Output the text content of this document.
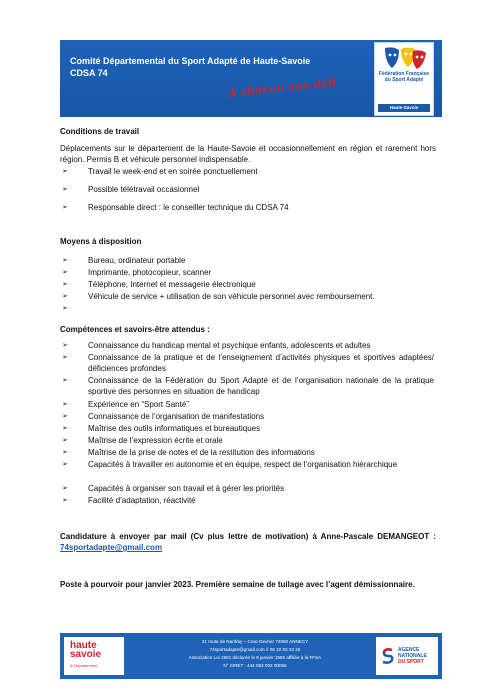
Comité Départemental du Sport Adapté de Haute-Savoie
CDSA 74	Fédération Française du Sport Adapté
Haute-Savoie
A chacun son défi
Conditions de travail
Déplacements sur le département de la Haute-Savoie et occasionnellement en région et rarement hors région. Permis B et véhicule personnel indispensable.
➢	Travail le week-end et en soirée ponctuellement
➢	Possible télétravail occasionnel
➢	Responsable direct : le conseiller technique du CDSA 74
Moyens à disposition
➢	Bureau, ordinateur portable
➢	Imprimante, photocopieur, scanner
➢	Téléphone, Internet et messagerie électronique
➢	Véhicule de service + utilisation de son véhicule personnel avec remboursement.
➢
Compétences et savoirs-être attendus :
➢	Connaissance du handicap mental et psychique enfants, adolescents et adultes
➢	Connaissance de la pratique et de l’enseignement d’activités physiques et sportives adaptées/ déficiences profondes
➢	Connaissance de la Fédération du Sport Adapté et de l’organisation nationale de la pratique sportive des personnes en situation de handicap
➢	Expérience en “Sport Santé”
➢	Connaissance de l’organisation de manifestations
➢	Maîtrise des outils informatiques et bureautiques
➢	Maîtrise de l’expression écrite et orale
➢	Maîtrise de la prise de notes et de la restitution des informations
➢	Capacités à travailler en autonomie et en équipe, respect de l’organisation hiérarchique
➢	Capacités à organiser son travail et à gérer les priorités
➢	Facilité d’adaptation, réactivité
Candidature à envoyer par mail (Cv plus lettre de motivation) à Anne-Pascale DEMANGEOT : 74sportadapte@gmail.com
Poste à pourvoir pour janvier 2023. Première semaine de tuilage avec l’agent démissionnaire.
haute
savoie
le Département
21 route de Nanfray – Cran-Gevrier 74960 ANNECY
74sportadapte@gmail.com // 06 10 93 23 26
Association Loi 1901 déclarée le 9 janvier 1985 affiliée à la FFSA
N° SIRET : 444 082 002 00055
AGENCE
NATIONALE
DU SPORT
